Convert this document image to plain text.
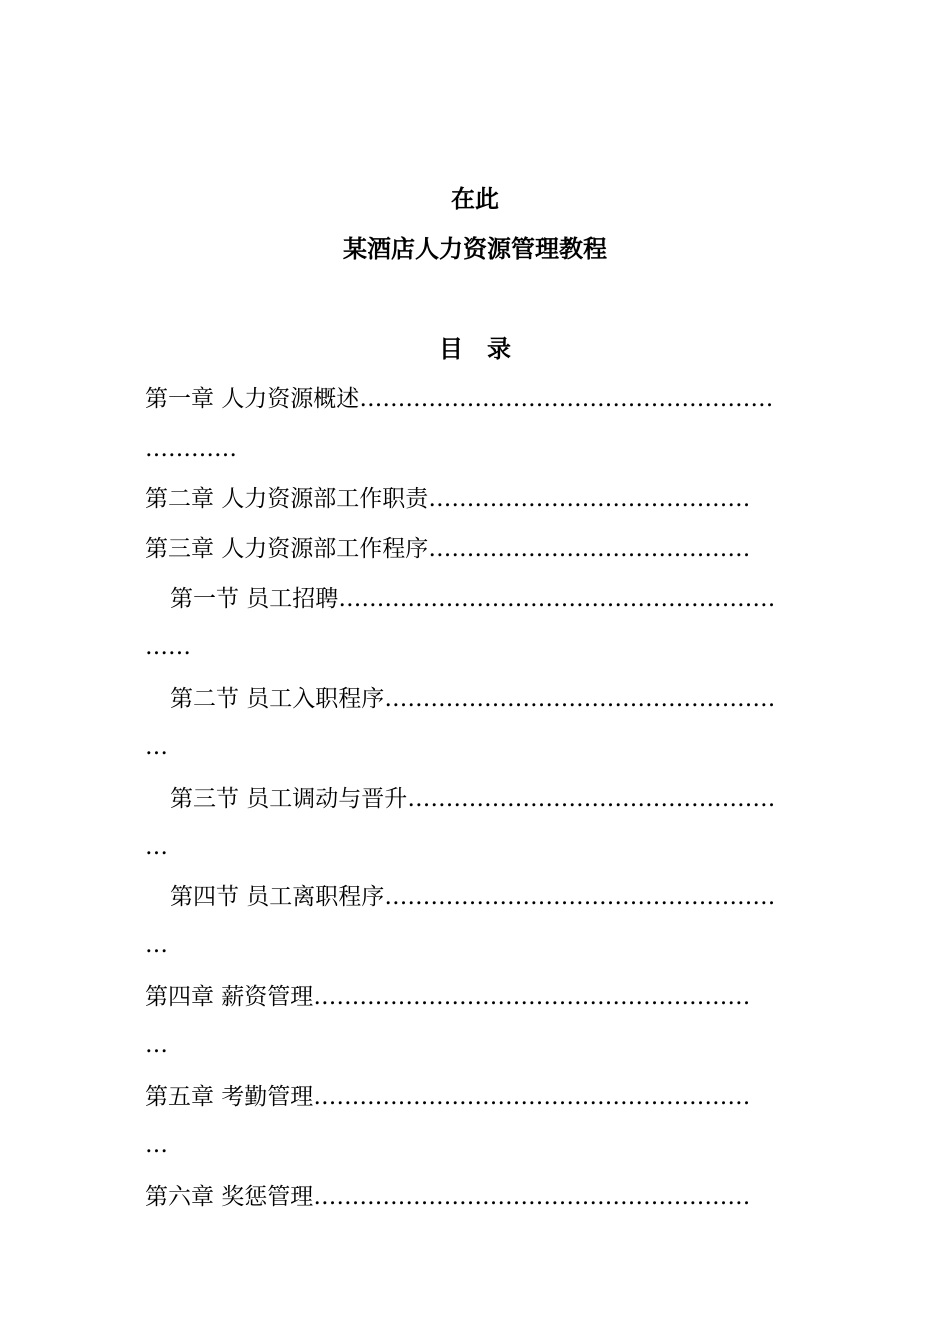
在此
某酒店人力资源管理教程
目录
第一章 人力资源概述………………………………………………
…………
第二章 人力资源部工作职责……………………………………
第三章 人力资源部工作程序……………………………………
第一节 员工招聘…………………………………………………
……
第二节 员工入职程序……………………………………………
…
第三节 员工调动与晋升…………………………………………
…
第四节 员工离职程序……………………………………………
…
第四章 薪资管理…………………………………………………
…
第五章 考勤管理…………………………………………………
…
第六章 奖惩管理…………………………………………………
